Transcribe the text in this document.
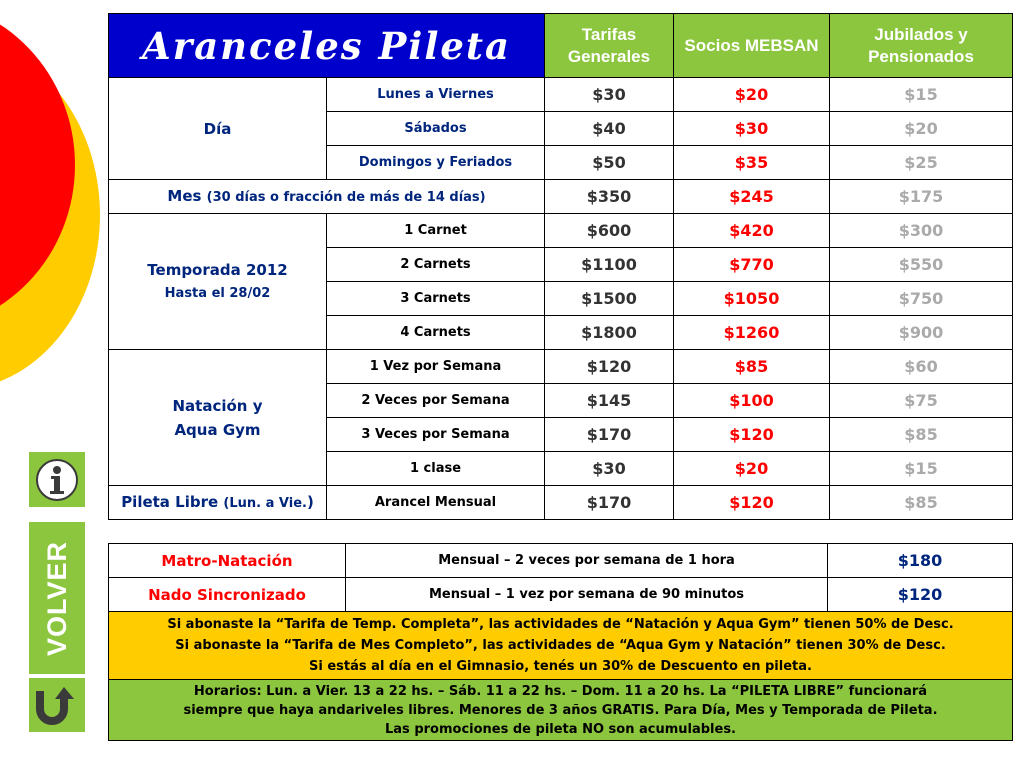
VOLVER
Aranceles Pileta		Tarifas Generales	Socios MEBSAN	Jubilados y Pensionados
Día	Lunes a Viernes	$30	$20	$15
	Sábados	$40	$30	$20
	Domingos y Feriados	$50	$35	$25
Mes (30 días o fracción de más de 14 días)		$350	$245	$175

Temporada 2012
Hasta el 28/02	1 Carnet	$600	$420	$300
	2 Carnets	$1100	$770	$550
	3 Carnets	$1500	$1050	$750
	4 Carnets	$1800	$1260	$900

Natación y
Aqua Gym	1 Vez por Semana	$120	$85	$60
	2 Veces por Semana	$145	$100	$75
	3 Veces por Semana	$170	$120	$85
	1 clase	$30	$20	$15
Pileta Libre (Lun. a Vie.)	Arancel Mensual	$170	$120	$85
Matro-Natación	Mensual – 2 veces por semana de 1 hora	$180
Nado Sincronizado	Mensual – 1 vez por semana de 90 minutos	$120

Si abonaste la “Tarifa de Temp. Completa”, las actividades de “Natación y Aqua Gym” tienen 50% de Desc.
Si abonaste la “Tarifa de Mes Completo”, las actividades de “Aqua Gym y Natación” tienen 30% de Desc.
Si estás al día en el Gimnasio, tenés un 30% de Descuento en pileta.		

Horarios: Lun. a Vier. 13 a 22 hs. – Sáb. 11 a 22 hs. – Dom. 11 a 20 hs. La “PILETA LIBRE” funcionará
siempre que haya andariveles libres. Menores de 3 años GRATIS. Para Día, Mes y Temporada de Pileta.
Las promociones de pileta NO son acumulables.		
